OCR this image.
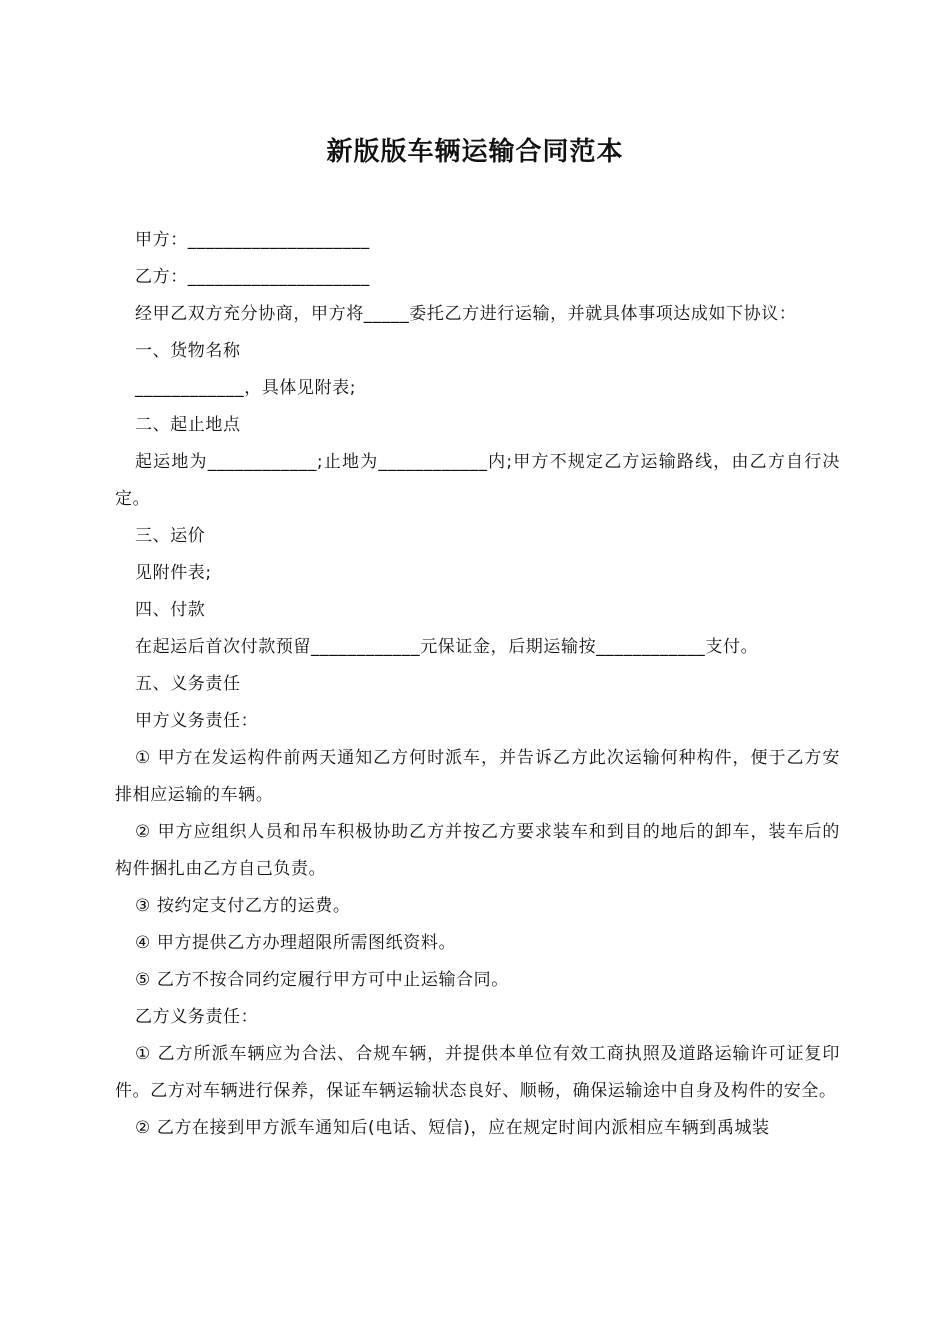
新版版车辆运输合同范本

甲方：____________________

乙方：____________________

经甲乙双方充分协商，甲方将_____委托乙方进行运输，并就具体事项达成如下协议：

一、货物名称

____________，具体见附表;

二、起止地点

起运地为____________;止地为____________内;甲方不规定乙方运输路线，由乙方自行决定。

三、运价

见附件表;

四、付款

在起运后首次付款预留____________元保证金，后期运输按____________支付。

五、义务责任

甲方义务责任：

① 甲方在发运构件前两天通知乙方何时派车，并告诉乙方此次运输何种构件，便于乙方安排相应运输的车辆。

② 甲方应组织人员和吊车积极协助乙方并按乙方要求装车和到目的地后的卸车，装车后的构件捆扎由乙方自己负责。

③ 按约定支付乙方的运费。

④ 甲方提供乙方办理超限所需图纸资料。

⑤ 乙方不按合同约定履行甲方可中止运输合同。

乙方义务责任：

① 乙方所派车辆应为合法、合规车辆，并提供本单位有效工商执照及道路运输许可证复印件。乙方对车辆进行保养，保证车辆运输状态良好、顺畅，确保运输途中自身及构件的安全。

② 乙方在接到甲方派车通知后(电话、短信)，应在规定时间内派相应车辆到禹城装
